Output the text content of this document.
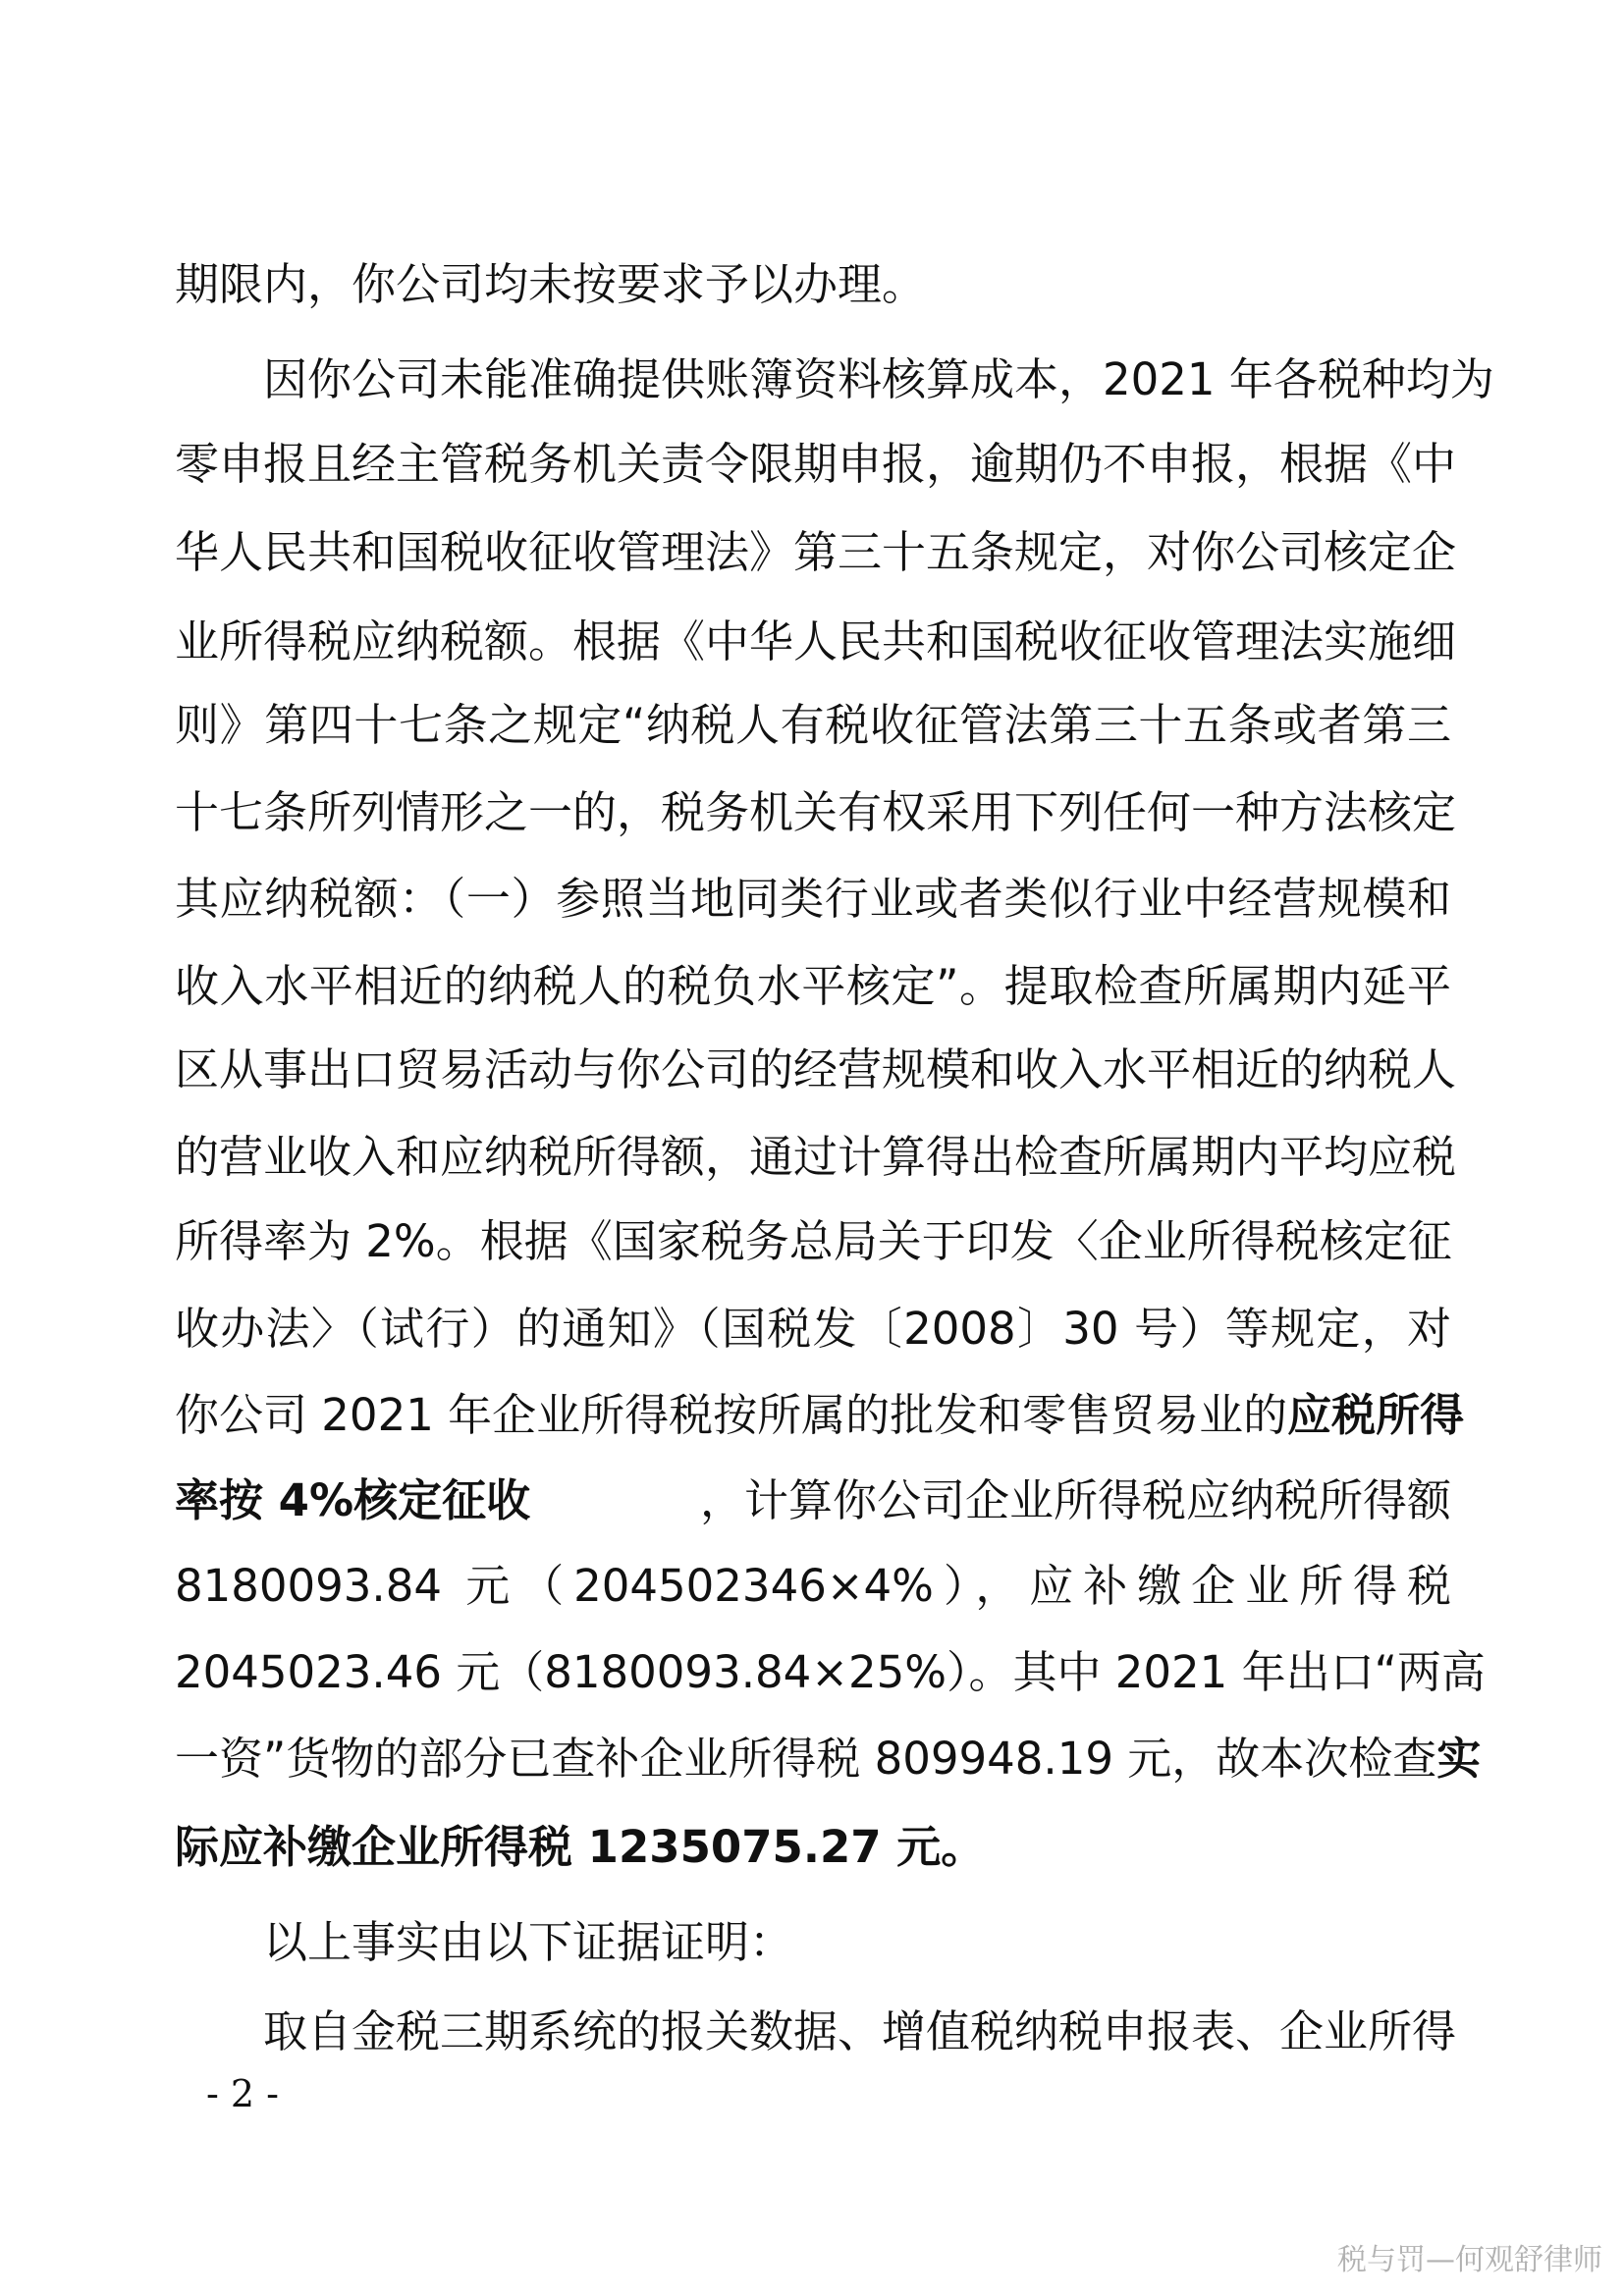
期限内，你公司均未按要求予以办理。
因你公司未能准确提供账簿资料核算成本，2021 年各税种均为
零申报且经主管税务机关责令限期申报，逾期仍不申报，根据《中
华人民共和国税收征收管理法》第三十五条规定，对你公司核定企
业所得税应纳税额。根据《中华人民共和国税收征收管理法实施细
则》第四十七条之规定“纳税人有税收征管法第三十五条或者第三
十七条所列情形之一的，税务机关有权采用下列任何一种方法核定
其应纳税额：（一）参照当地同类行业或者类似行业中经营规模和
收入水平相近的纳税人的税负水平核定”。提取检查所属期内延平
区从事出口贸易活动与你公司的经营规模和收入水平相近的纳税人
的营业收入和应纳税所得额，通过计算得出检查所属期内平均应税
所得率为 2%。根据《国家税务总局关于印发〈企业所得税核定征
收办法〉（试行）的通知》（国税发〔2008〕30 号）等规定，对
你公司 2021 年企业所得税按所属的批发和零售贸易业的 应税所得
率按 4%核定征收	，计算你公司企业所得税应纳税所得额
8180093.84 元（204502346×4%），应补缴企业所得税
2045023.46 元（8180093.84×25%）。其中 2021 年出口“两高
一资”货物的部分已查补企业所得税 809948.19 元，故本次检查 实
际应补缴企业所得税 1235075.27 元。
以上事实由以下证据证明：
取自金税三期系统的报关数据、增值税纳税申报表、企业所得
- 2 -
税与罚—何观舒律师
